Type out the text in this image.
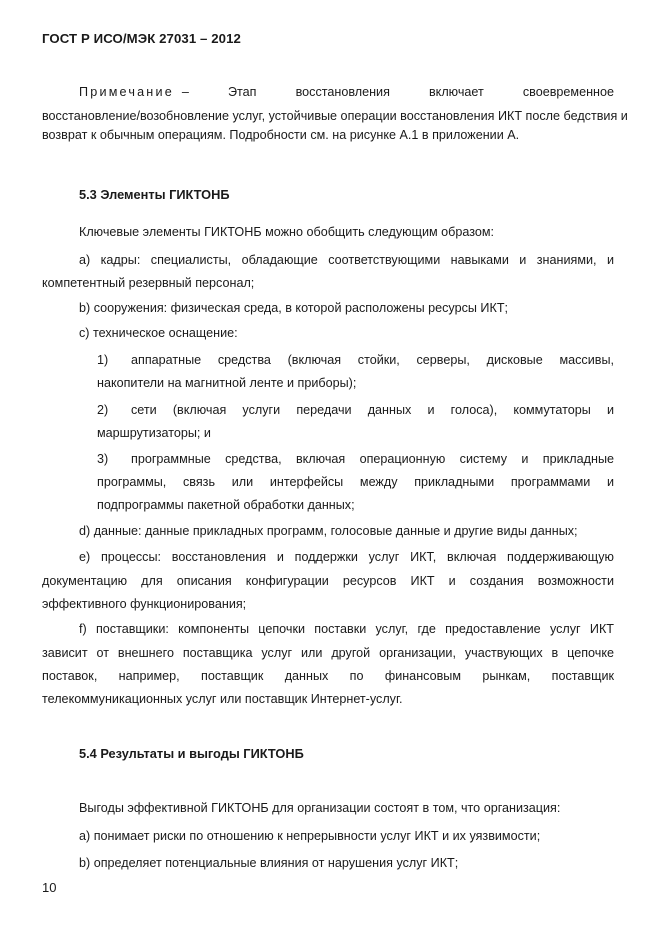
ГОСТ Р ИСО/МЭК 27031 – 2012
Примечание – Этап восстановления включает своевременное
восстановление/возобновление услуг, устойчивые операции восстановления ИКТ после бедствия и
возврат к обычным операциям. Подробности см. на рисунке А.1 в приложении А.
5.3 Элементы ГИКТОНБ
Ключевые элементы ГИКТОНБ можно обобщить следующим образом:
а) кадры: специалисты, обладающие соответствующими навыками и знаниями, и
компетентный резервный персонал;
b) сооружения: физическая среда, в которой расположены ресурсы ИКТ;
c) техническое оснащение:
1) аппаратные средства (включая стойки, серверы, дисковые массивы,
накопители на магнитной ленте и приборы);
2) сети (включая услуги передачи данных и голоса), коммутаторы и
маршрутизаторы; и
3) программные средства, включая операционную систему и прикладные
программы, связь или интерфейсы между прикладными программами и
подпрограммы пакетной обработки данных;
d) данные: данные прикладных программ, голосовые данные и другие виды данных;
е) процессы: восстановления и поддержки услуг ИКТ, включая поддерживающую
документацию для описания конфигурации ресурсов ИКТ и создания возможности
эффективного функционирования;
f) поставщики: компоненты цепочки поставки услуг, где предоставление услуг ИКТ
зависит от внешнего поставщика услуг или другой организации, участвующих в цепочке
поставок, например, поставщик данных по финансовым рынкам, поставщик
телекоммуникационных услуг или поставщик Интернет-услуг.
5.4 Результаты и выгоды ГИКТОНБ
Выгоды эффективной ГИКТОНБ для организации состоят в том, что организация:
а) понимает риски по отношению к непрерывности услуг ИКТ и их уязвимости;
b) определяет потенциальные влияния от нарушения услуг ИКТ;
10
